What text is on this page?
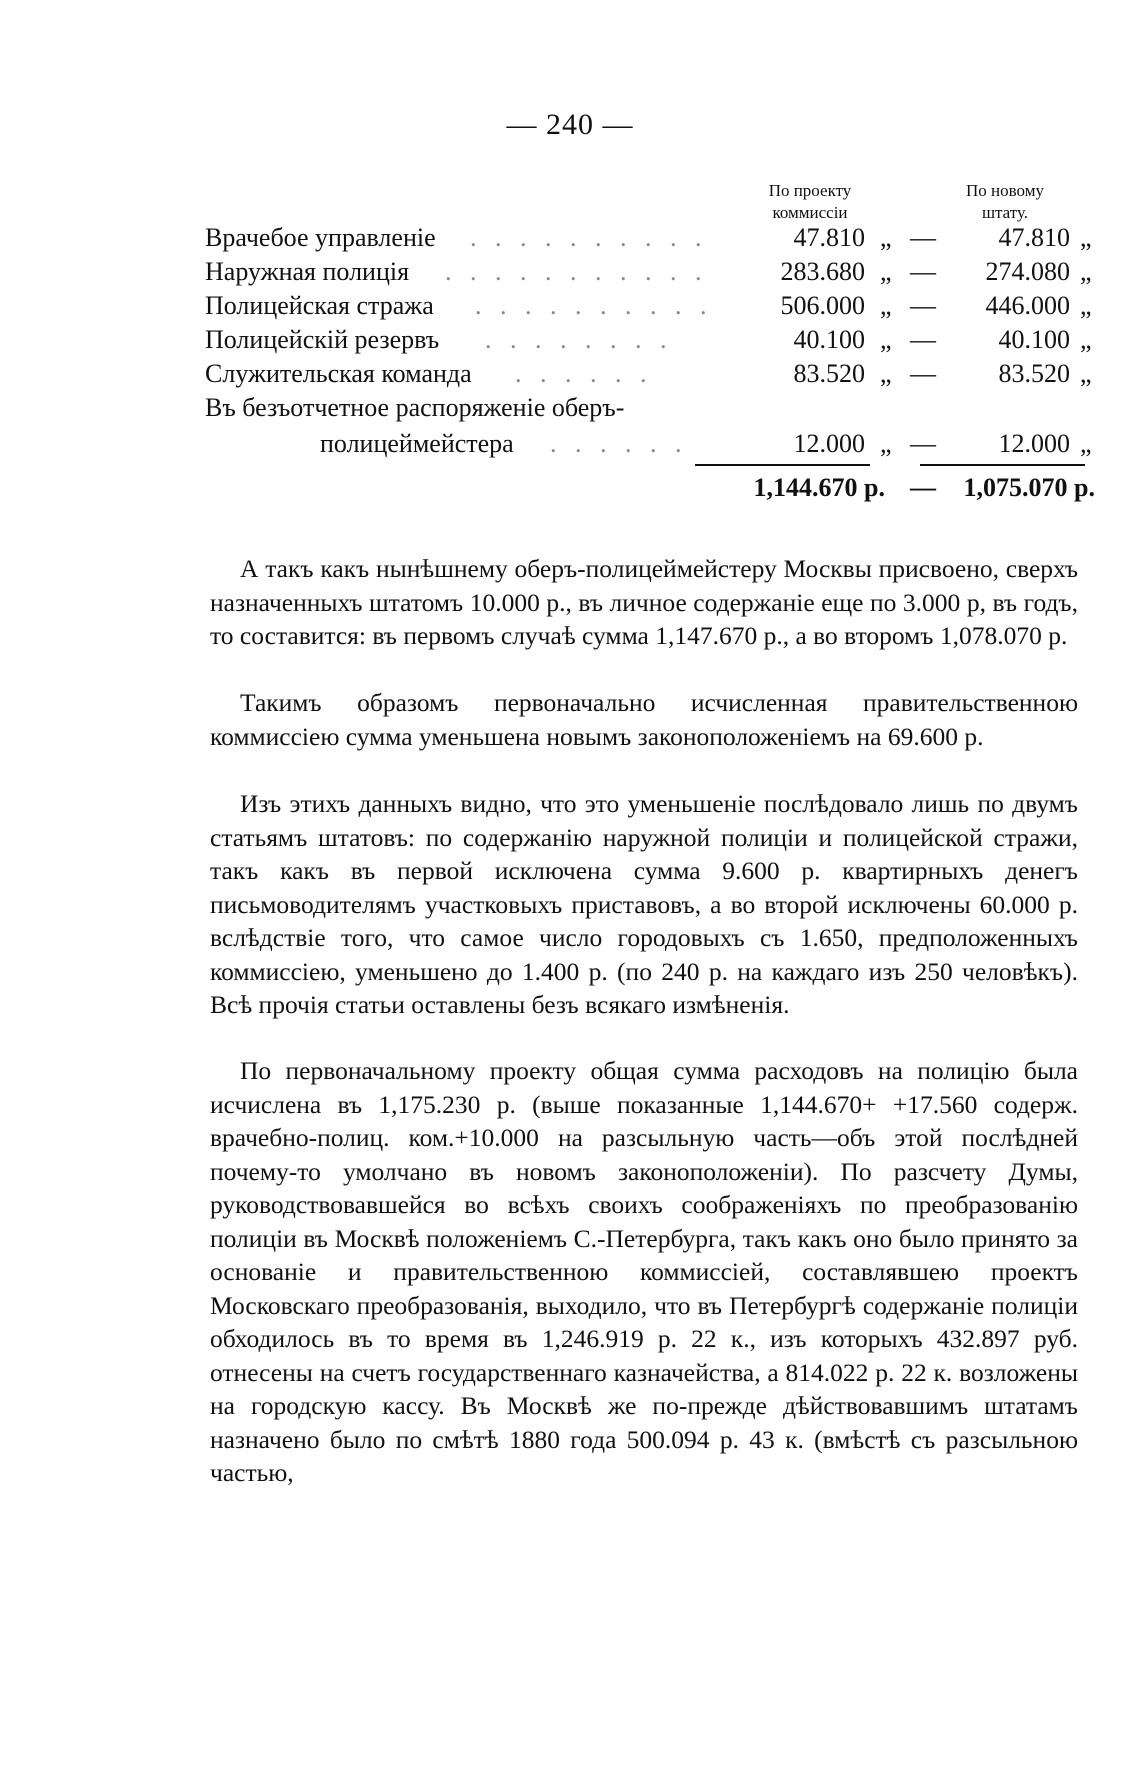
— 240 —
По проекту
коммиссіи
По новому
штату.
Врачебое управленіе . . . . . . . . . .	47.810 „ —	47.810 „
Наружная полиція . . . . . . . . . . .	283.680 „ —	274.080 „
Полицейская стража . . . . . . . . . .	506.000 „ —	446.000 „
Полицейскій резервъ . . . . . . . .	40.100 „ —	40.100 „
Служительская команда . . . . . .	83.520 „ —	83.520 „
Въ безъотчетное распоряженіе оберъ-
полицеймейстера . . . . . .	12.000 „ —	12.000 „
1,144.670 р. —	1,075.070 р.

А такъ какъ нынѣшнему оберъ-полицеймейстеру Москвы присвоено, сверхъ назначенныхъ штатомъ 10.000 р., въ личное содержаніе еще по 3.000 р, въ годъ, то составится: въ первомъ случаѣ сумма 1,147.670 р., а во второмъ 1,078.070 р.

Такимъ образомъ первоначально исчисленная правительственною коммиссіею сумма уменьшена новымъ законоположеніемъ на 69.600 р.

Изъ этихъ данныхъ видно, что это уменьшеніе послѣдовало лишь по двумъ статьямъ штатовъ: по содержанію наружной полиціи и полицейской стражи, такъ какъ въ первой исключена сумма 9.600 р. квартирныхъ денегъ письмоводителямъ участковыхъ приставовъ, а во второй исключены 60.000 р. вслѣдствіе того, что самое число городовыхъ съ 1.650, предположенныхъ коммиссіею, уменьшено до 1.400 р. (по 240 р. на каждаго изъ 250 человѣкъ). Всѣ прочія статьи оставлены безъ всякаго измѣненія.

По первоначальному проекту общая сумма расходовъ на полицію была исчислена въ 1,175.230 р. (выше показанные 1,144.670+ +17.560 содерж. врачебно-полиц. ком.+10.000 на разсыльную часть—объ этой послѣдней почему-то умолчано въ новомъ законоположеніи). По разсчету Думы, руководствовавшейся во всѣхъ своихъ соображеніяхъ по преобразованію полиціи въ Москвѣ положеніемъ С.-Петербурга, такъ какъ оно было принято за основаніе и правительственною коммиссіей, составлявшею проектъ Московскаго преобразованія, выходило, что въ Петербургѣ содержаніе полиціи обходилось въ то время въ 1,246.919 р. 22 к., изъ которыхъ 432.897 руб. отнесены на счетъ государственнаго казначейства, а 814.022 р. 22 к. возложены на городскую кассу. Въ Москвѣ же по-прежде дѣйствовавшимъ штатамъ назначено было по смѣтѣ 1880 года 500.094 р. 43 к. (вмѣстѣ съ разсыльною частью,
